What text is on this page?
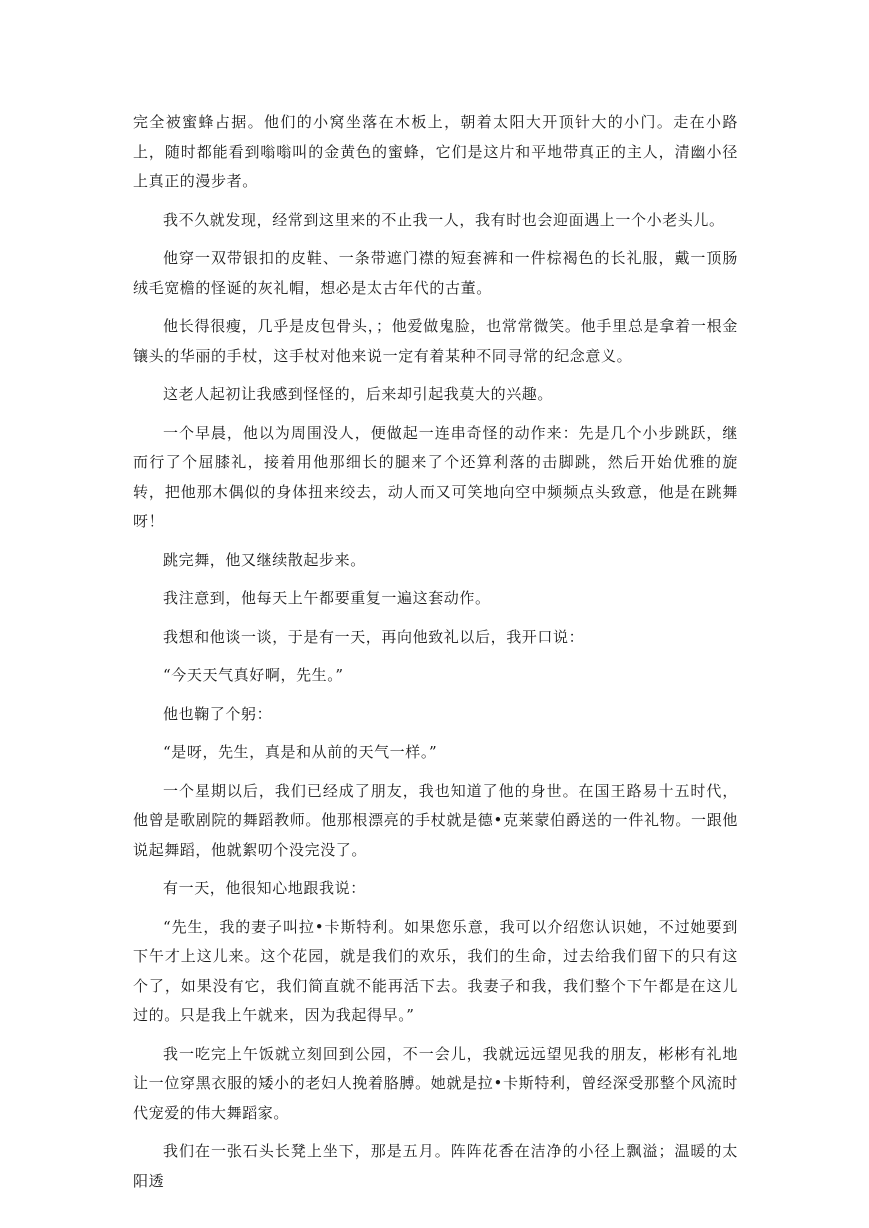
完全被蜜蜂占据。他们的小窝坐落在木板上，朝着太阳大开顶针大的小门。走在小路上，随时都能看到嗡嗡叫的金黄色的蜜蜂，它们是这片和平地带真正的主人，清幽小径上真正的漫步者。

我不久就发现，经常到这里来的不止我一人，我有时也会迎面遇上一个小老头儿。

他穿一双带银扣的皮鞋、一条带遮门襟的短套裤和一件棕褐色的长礼服，戴一顶肠绒毛宽檐的怪诞的灰礼帽，想必是太古年代的古董。

他长得很瘦，几乎是皮包骨头，；他爱做鬼脸，也常常微笑。他手里总是拿着一根金镶头的华丽的手杖，这手杖对他来说一定有着某种不同寻常的纪念意义。

这老人起初让我感到怪怪的，后来却引起我莫大的兴趣。

一个早晨，他以为周围没人，便做起一连串奇怪的动作来：先是几个小步跳跃，继而行了个屈膝礼，接着用他那细长的腿来了个还算利落的击脚跳，然后开始优雅的旋转，把他那木偶似的身体扭来绞去，动人而又可笑地向空中频频点头致意，他是在跳舞呀！

跳完舞，他又继续散起步来。

我注意到，他每天上午都要重复一遍这套动作。

我想和他谈一谈，于是有一天，再向他致礼以后，我开口说：

“今天天气真好啊，先生。”

他也鞠了个躬：

“是呀，先生，真是和从前的天气一样。”

一个星期以后，我们已经成了朋友，我也知道了他的身世。在国王路易十五时代，他曾是歌剧院的舞蹈教师。他那根漂亮的手杖就是德•克莱蒙伯爵送的一件礼物。一跟他说起舞蹈，他就絮叨个没完没了。

有一天，他很知心地跟我说：

“先生，我的妻子叫拉•卡斯特利。如果您乐意，我可以介绍您认识她，不过她要到下午才上这儿来。这个花园，就是我们的欢乐，我们的生命，过去给我们留下的只有这个了，如果没有它，我们简直就不能再活下去。我妻子和我，我们整个下午都是在这儿过的。只是我上午就来，因为我起得早。”

我一吃完上午饭就立刻回到公园，不一会儿，我就远远望见我的朋友，彬彬有礼地让一位穿黑衣服的矮小的老妇人挽着胳膊。她就是拉•卡斯特利，曾经深受那整个风流时代宠爱的伟大舞蹈家。

我们在一张石头长凳上坐下，那是五月。阵阵花香在洁净的小径上飘溢；温暖的太阳透
